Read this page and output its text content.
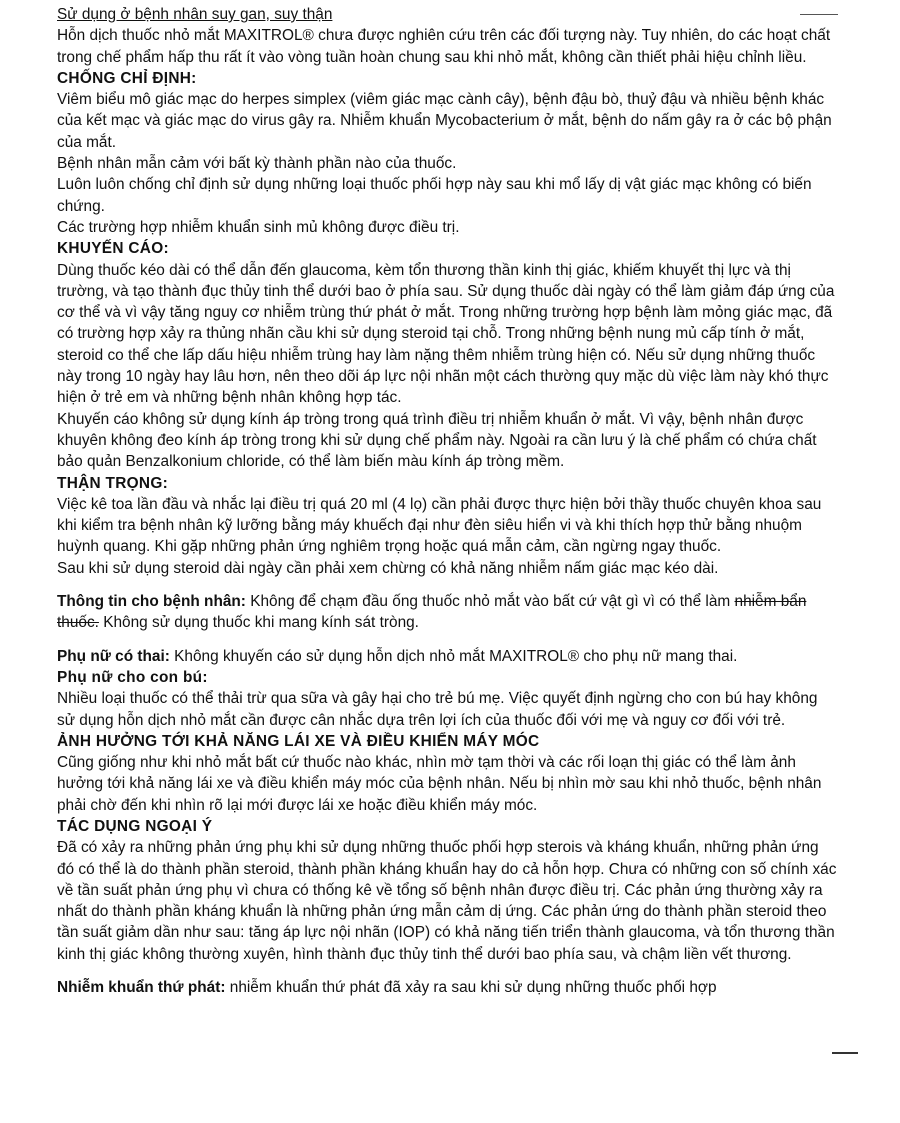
Sử dụng ở bệnh nhân suy gan, suy thận

Hỗn dịch thuốc nhỏ mắt MAXITROL® chưa được nghiên cứu trên các đối tượng này. Tuy nhiên, do các hoạt chất trong chế phẩm hấp thu rất ít vào vòng tuần hoàn chung sau khi nhỏ mắt, không cần thiết phải hiệu chỉnh liều.

CHỐNG CHỈ ĐỊNH:

Viêm biểu mô giác mạc do herpes simplex (viêm giác mạc cành cây), bệnh đậu bò, thuỷ đậu và nhiều bệnh khác của kết mạc và giác mạc do virus gây ra. Nhiễm khuẩn Mycobacterium ở mắt, bệnh do nấm gây ra ở các bộ phận của mắt.

Bệnh nhân mẫn cảm với bất kỳ thành phần nào của thuốc.

Luôn luôn chống chỉ định sử dụng những loại thuốc phối hợp này sau khi mổ lấy dị vật giác mạc không có biến chứng.

Các trường hợp nhiễm khuẩn sinh mủ không được điều trị.

KHUYẾN CÁO:

Dùng thuốc kéo dài có thể dẫn đến glaucoma, kèm tổn thương thần kinh thị giác, khiếm khuyết thị lực và thị trường, và tạo thành đục thủy tinh thể dưới bao ở phía sau. Sử dụng thuốc dài ngày có thể làm giảm đáp ứng của cơ thể và vì vậy tăng nguy cơ nhiễm trùng thứ phát ở mắt. Trong những trường hợp bệnh làm mỏng giác mạc, đã có trường hợp xảy ra thủng nhãn cầu khi sử dụng steroid tại chỗ. Trong những bệnh nung mủ cấp tính ở mắt, steroid co thể che lấp dấu hiệu nhiễm trùng hay làm nặng thêm nhiễm trùng hiện có. Nếu sử dụng những thuốc này trong 10 ngày hay lâu hơn, nên theo dõi áp lực nội nhãn một cách thường quy mặc dù việc làm này khó thực hiện ở trẻ em và những bệnh nhân không hợp tác.

Khuyến cáo không sử dụng kính áp tròng trong quá trình điều trị nhiễm khuẩn ở mắt. Vì vậy, bệnh nhân được khuyên không đeo kính áp tròng trong khi sử dụng chế phẩm này. Ngoài ra cần lưu ý là chế phẩm có chứa chất bảo quản Benzalkonium chloride, có thể làm biến màu kính áp tròng mềm.

THẬN TRỌNG:

Việc kê toa lần đầu và nhắc lại điều trị quá 20 ml (4 lọ) cần phải được thực hiện bởi thầy thuốc chuyên khoa sau khi kiểm tra bệnh nhân kỹ lưỡng bằng máy khuếch đại như đèn siêu hiển vi và khi thích hợp thử bằng nhuộm huỳnh quang. Khi gặp những phản ứng nghiêm trọng hoặc quá mẫn cảm, cần ngừng ngay thuốc.

Sau khi sử dụng steroid dài ngày cần phải xem chừng có khả năng nhiễm nấm giác mạc kéo dài.

Thông tin cho bệnh nhân: Không để chạm đầu ống thuốc nhỏ mắt vào bất cứ vật gì vì có thể làm nhiễm bẩn thuốc. Không sử dụng thuốc khi mang kính sát tròng.

Phụ nữ có thai: Không khuyến cáo sử dụng hỗn dịch nhỏ mắt MAXITROL® cho phụ nữ mang thai.

Phụ nữ cho con bú:

Nhiều loại thuốc có thể thải trừ qua sữa và gây hại cho trẻ bú mẹ. Việc quyết định ngừng cho con bú hay không sử dụng hỗn dịch nhỏ mắt cần được cân nhắc dựa trên lợi ích của thuốc đối với mẹ và nguy cơ đối với trẻ.

ẢNH HƯỞNG TỚI KHẢ NĂNG LÁI XE VÀ ĐIỀU KHIỂN MÁY MÓC

Cũng giống như khi nhỏ mắt bất cứ thuốc nào khác, nhìn mờ tạm thời và các rối loạn thị giác có thể làm ảnh hưởng tới khả năng lái xe và điều khiển máy móc của bệnh nhân. Nếu bị nhìn mờ sau khi nhỏ thuốc, bệnh nhân phải chờ đến khi nhìn rõ lại mới được lái xe hoặc điều khiển máy móc.

TÁC DỤNG NGOẠI Ý

Đã có xảy ra những phản ứng phụ khi sử dụng những thuốc phối hợp sterois và kháng khuẩn, những phản ứng đó có thể là do thành phần steroid, thành phần kháng khuẩn hay do cả hỗn hợp. Chưa có những con số chính xác về tần suất phản ứng phụ vì chưa có thống kê về tổng số bệnh nhân được điều trị. Các phản ứng thường xảy ra nhất do thành phần kháng khuẩn là những phản ứng mẫn cảm dị ứng. Các phản ứng do thành phần steroid theo tần suất giảm dần như sau: tăng áp lực nội nhãn (IOP) có khả năng tiến triển thành glaucoma, và tổn thương thần kinh thị giác không thường xuyên, hình thành đục thủy tinh thể dưới bao phía sau, và chậm liền vết thương.

Nhiễm khuẩn thứ phát: nhiễm khuẩn thứ phát đã xảy ra sau khi sử dụng những thuốc phối hợp
